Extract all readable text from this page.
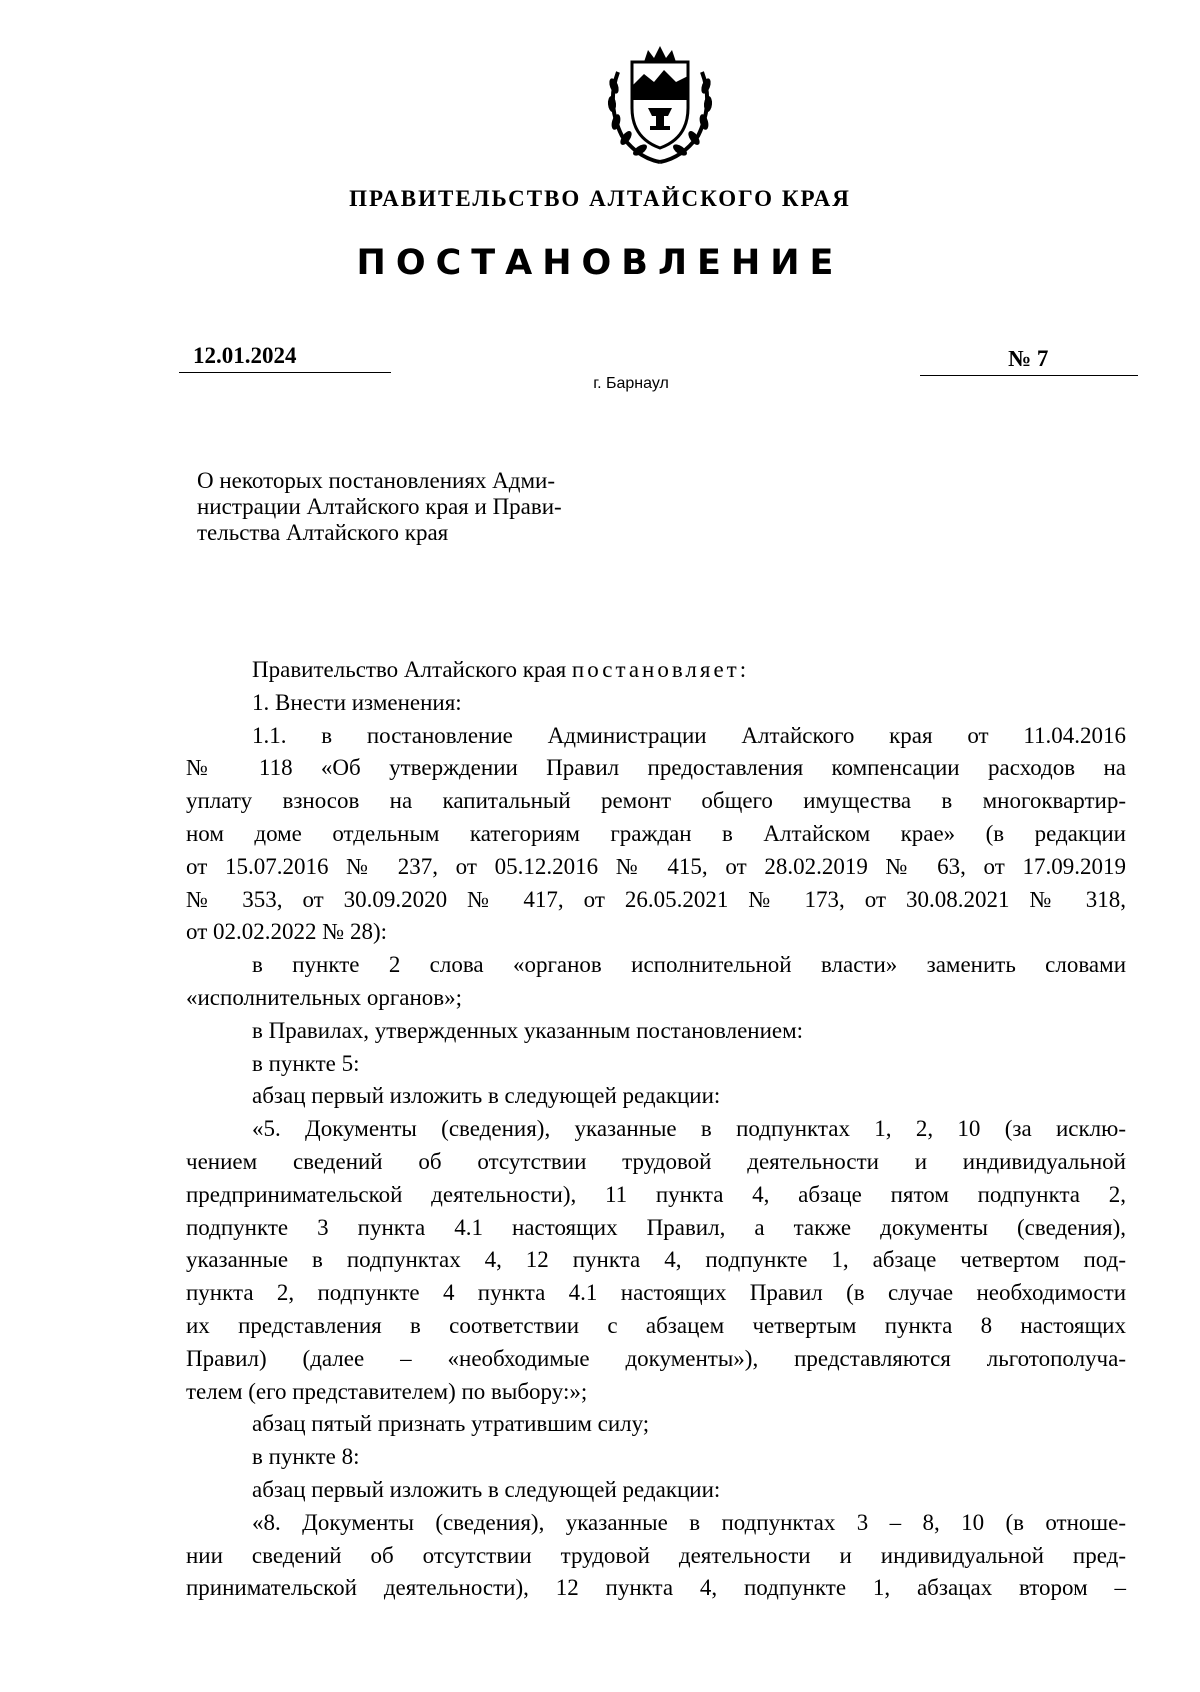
ПРАВИТЕЛЬСТВО АЛТАЙСКОГО КРАЯ
ПОСТАНОВЛЕНИЕ
12.01.2024	№ 7
г. Барнаул
О некоторых постановлениях Адми-
нистрации Алтайского края и Прави-
тельства Алтайского края
Правительство Алтайского края постановляет:
1. Внести изменения:
1.1. в постановление Администрации Алтайского края от 11.04.2016
№ 118 «Об утверждении Правил предоставления компенсации расходов на
уплату взносов на капитальный ремонт общего имущества в многоквартир-
ном доме отдельным категориям граждан в Алтайском крае» (в редакции
от 15.07.2016 № 237, от 05.12.2016 № 415, от 28.02.2019 № 63, от 17.09.2019
№ 353, от 30.09.2020 № 417, от 26.05.2021 № 173, от 30.08.2021 № 318,
от 02.02.2022 № 28):
в пункте 2 слова «органов исполнительной власти» заменить словами
«исполнительных органов»;
в Правилах, утвержденных указанным постановлением:
в пункте 5:
абзац первый изложить в следующей редакции:
«5. Документы (сведения), указанные в подпунктах 1, 2, 10 (за исклю-
чением сведений об отсутствии трудовой деятельности и индивидуальной
предпринимательской деятельности), 11 пункта 4, абзаце пятом подпункта 2,
подпункте 3 пункта 4.1 настоящих Правил, а также документы (сведения),
указанные в подпунктах 4, 12 пункта 4, подпункте 1, абзаце четвертом под-
пункта 2, подпункте 4 пункта 4.1 настоящих Правил (в случае необходимости
их представления в соответствии с абзацем четвертым пункта 8 настоящих
Правил) (далее – «необходимые документы»), представляются льготополуча-
телем (его представителем) по выбору:»;
абзац пятый признать утратившим силу;
в пункте 8:
абзац первый изложить в следующей редакции:
«8. Документы (сведения), указанные в подпунктах 3 – 8, 10 (в отноше-
нии сведений об отсутствии трудовой деятельности и индивидуальной пред-
принимательской деятельности), 12 пункта 4, подпункте 1, абзацах втором –
